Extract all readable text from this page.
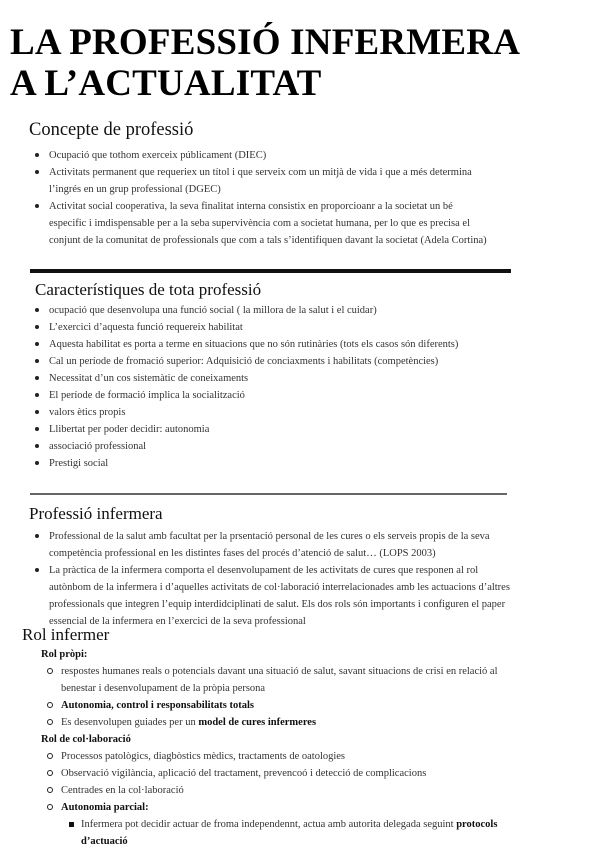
LA PROFESSIÓ INFERMERA
A L’ACTUALITAT
Concepte de professió
Ocupació que tothom exerceix públicament (DIEC)
Activitats permanent que requeriex un títol i que serveix com un mitjà de vida i que a més determina l’ingrés en un grup professional (DGEC)
Activitat social cooperativa, la seva finalitat interna consistix en proporcioanr a la societat un bé especific i imdispensable per a la seba supervivència com a societat humana, per lo que es precisa el conjunt de la comunitat de professionals que com a tals s’identifiquen davant la societat (Adela Cortina)
Característiques de tota professió
ocupació que desenvolupa una funció social ( la millora de la salut i el cuidar)
L’exercici d’aquesta funció requereix habilitat
Aquesta habilitat es porta a terme en situacions que no són rutinàries (tots els casos són diferents)
Cal un període de fromació superior: Adquisició de conciaxments i habilitats (competències)
Necessitat d’un cos sistemàtic de coneixaments
El període de formació implica la socialització
valors ètics propis
Llibertat per poder decidir: autonomia
associació professional
Prestigi social
Professió infermera
Professional de la salut amb facultat per la prsentació personal de les cures o els serveis propis de la seva competència professional en les distintes fases del procés d’atenció de salut… (LOPS 2003)
La pràctica de la infermera comporta el desenvolupament de les activitats de cures que responen al rol autònbom de la infermera i d’aquelles activitats de col·laboració interrelacionades amb les actuacions d’altres professionals que integren l’equip interdidciplinati de salut. Els dos rols són importants i configuren el paper essencial de la infermera en l’exercici de la seva professional
Rol infermer
Rol pròpi:
respostes humanes reals o potencials davant una situació de salut, savant situacions de crisi en relació al benestar i desenvolupament de la pròpia persona
Autonomia, control i responsabilitats totals
Es desenvolupen guiades per un model de cures infermeres
Rol de col·laboració
Processos patològics, diagbòstics mèdics, tractaments de oatologies
Observació vigilància, aplicació del tractament, prevencoó i detecció de complicacions
Centrades en la col·laboració
Autonomia parcial:
Infermera pot decidir actuar de froma independennt, actua amb autorita delegada seguint protocols d’actuació
